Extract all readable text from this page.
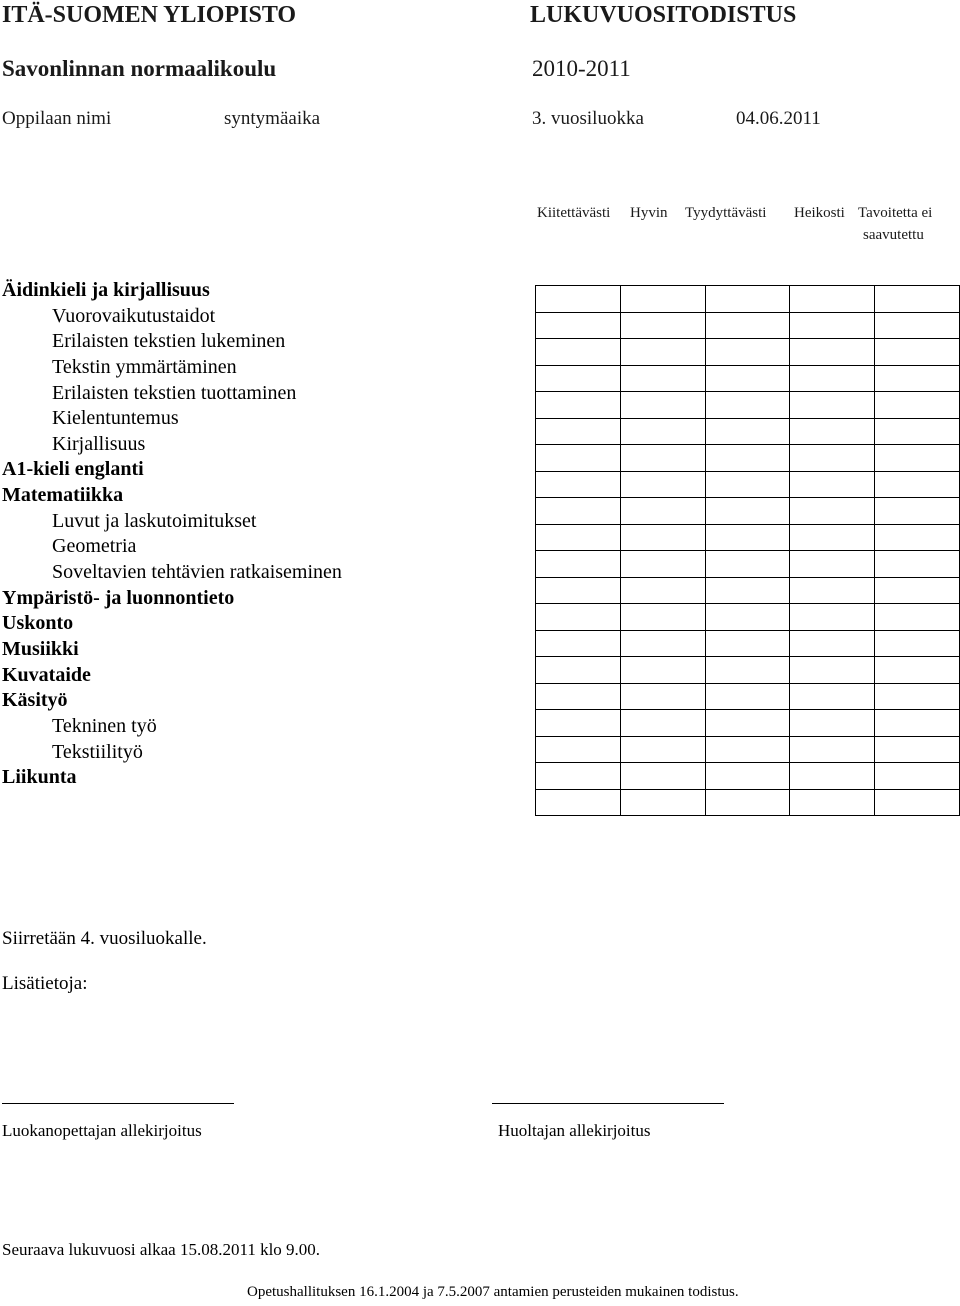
ITÄ-SUOMEN YLIOPISTO	LUKUVUOSITODISTUS
Savonlinnan normaalikoulu	2010-2011
Oppilaan nimi	syntymäaika	3. vuosiluokka	04.06.2011
Kiitettävästi Hyvin Tyydyttävästi Heikosti Tavoitetta ei
saavutettu
Äidinkieli ja kirjallisuus
Vuorovaikutustaidot
Erilaisten tekstien lukeminen
Tekstin ymmärtäminen
Erilaisten tekstien tuottaminen
Kielentuntemus
Kirjallisuus
A1-kieli englanti
Matematiikka
Luvut ja laskutoimitukset
Geometria
Soveltavien tehtävien ratkaiseminen
Ympäristö- ja luonnontieto
Uskonto
Musiikki
Kuvataide
Käsityö
Tekninen työ
Tekstiilityö
Liikunta

Siirretään 4. vuosiluokalle.
Lisätietoja:
Luokanopettajan allekirjoitus	Huoltajan allekirjoitus
Seuraava lukuvuosi alkaa 15.08.2011 klo 9.00.
Opetushallituksen 16.1.2004 ja 7.5.2007 antamien perusteiden mukainen todistus.
